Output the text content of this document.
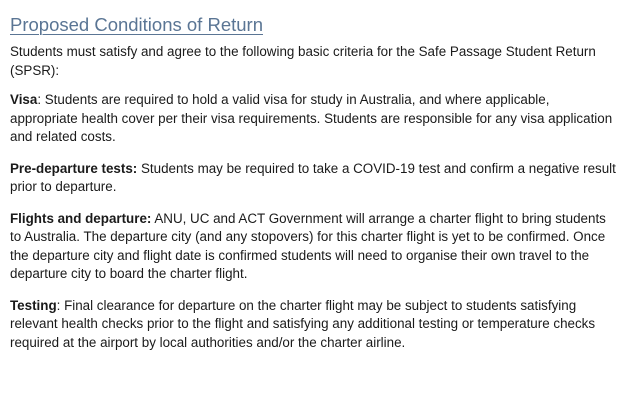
Proposed Conditions of Return

Students must satisfy and agree to the following basic criteria for the Safe Passage Student Return (SPSR):

Visa: Students are required to hold a valid visa for study in Australia, and where applicable, appropriate health cover per their visa requirements. Students are responsible for any visa application and related costs.

Pre-departure tests: Students may be required to take a COVID-19 test and confirm a negative result prior to departure.

Flights and departure: ANU, UC and ACT Government will arrange a charter flight to bring students to Australia. The departure city (and any stopovers) for this charter flight is yet to be confirmed. Once the departure city and flight date is confirmed students will need to organise their own travel to the departure city to board the charter flight.

Testing: Final clearance for departure on the charter flight may be subject to students satisfying relevant health checks prior to the flight and satisfying any additional testing or temperature checks required at the airport by local authorities and/or the charter airline.
